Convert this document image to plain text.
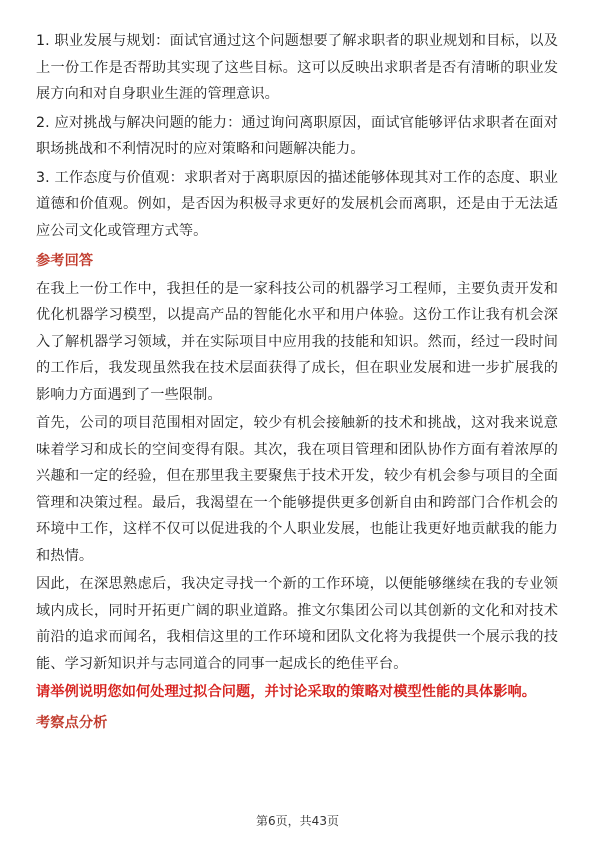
1. 职业发展与规划：面试官通过这个问题想要了解求职者的职业规划和目标，以及上一份工作是否帮助其实现了这些目标。这可以反映出求职者是否有清晰的职业发展方向和对自身职业生涯的管理意识。

2. 应对挑战与解决问题的能力：通过询问离职原因，面试官能够评估求职者在面对职场挑战和不利情况时的应对策略和问题解决能力。

3. 工作态度与价值观：求职者对于离职原因的描述能够体现其对工作的态度、职业道德和价值观。例如，是否因为积极寻求更好的发展机会而离职，还是由于无法适应公司文化或管理方式等。

参考回答

在我上一份工作中，我担任的是一家科技公司的机器学习工程师，主要负责开发和优化机器学习模型，以提高产品的智能化水平和用户体验。这份工作让我有机会深入了解机器学习领域，并在实际项目中应用我的技能和知识。然而，经过一段时间的工作后，我发现虽然我在技术层面获得了成长，但在职业发展和进一步扩展我的影响力方面遇到了一些限制。

首先，公司的项目范围相对固定，较少有机会接触新的技术和挑战，这对我来说意味着学习和成长的空间变得有限。其次，我在项目管理和团队协作方面有着浓厚的兴趣和一定的经验，但在那里我主要聚焦于技术开发，较少有机会参与项目的全面管理和决策过程。最后，我渴望在一个能够提供更多创新自由和跨部门合作机会的环境中工作，这样不仅可以促进我的个人职业发展，也能让我更好地贡献我的能力和热情。

因此，在深思熟虑后，我决定寻找一个新的工作环境，以便能够继续在我的专业领域内成长，同时开拓更广阔的职业道路。推文尔集团公司以其创新的文化和对技术前沿的追求而闻名，我相信这里的工作环境和团队文化将为我提供一个展示我的技能、学习新知识并与志同道合的同事一起成长的绝佳平台。

请举例说明您如何处理过拟合问题，并讨论采取的策略对模型性能的具体影响。

考察点分析

第6页，共43页
